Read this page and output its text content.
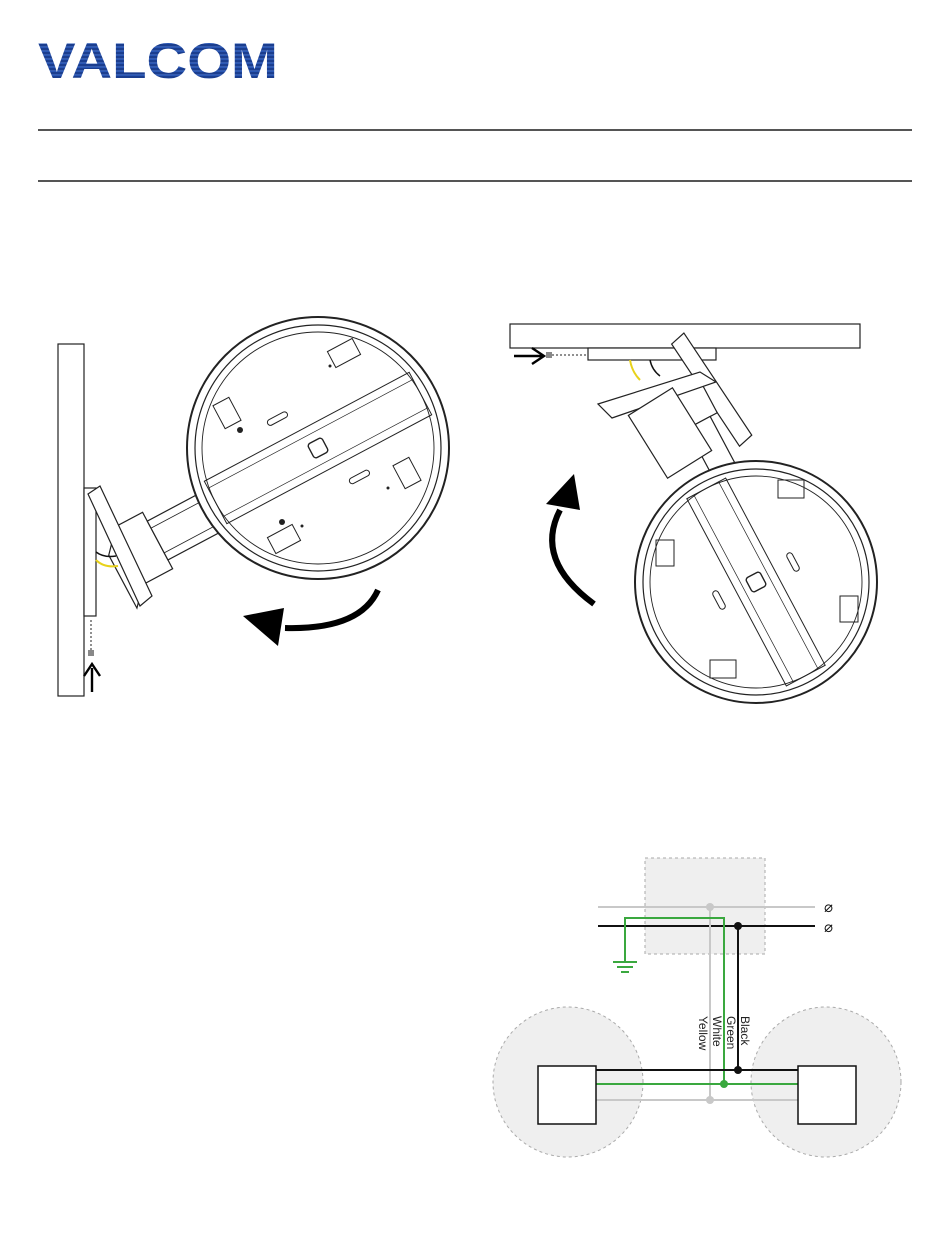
VALCOM
⌀
⌀
Black
Green
White
Yellow
